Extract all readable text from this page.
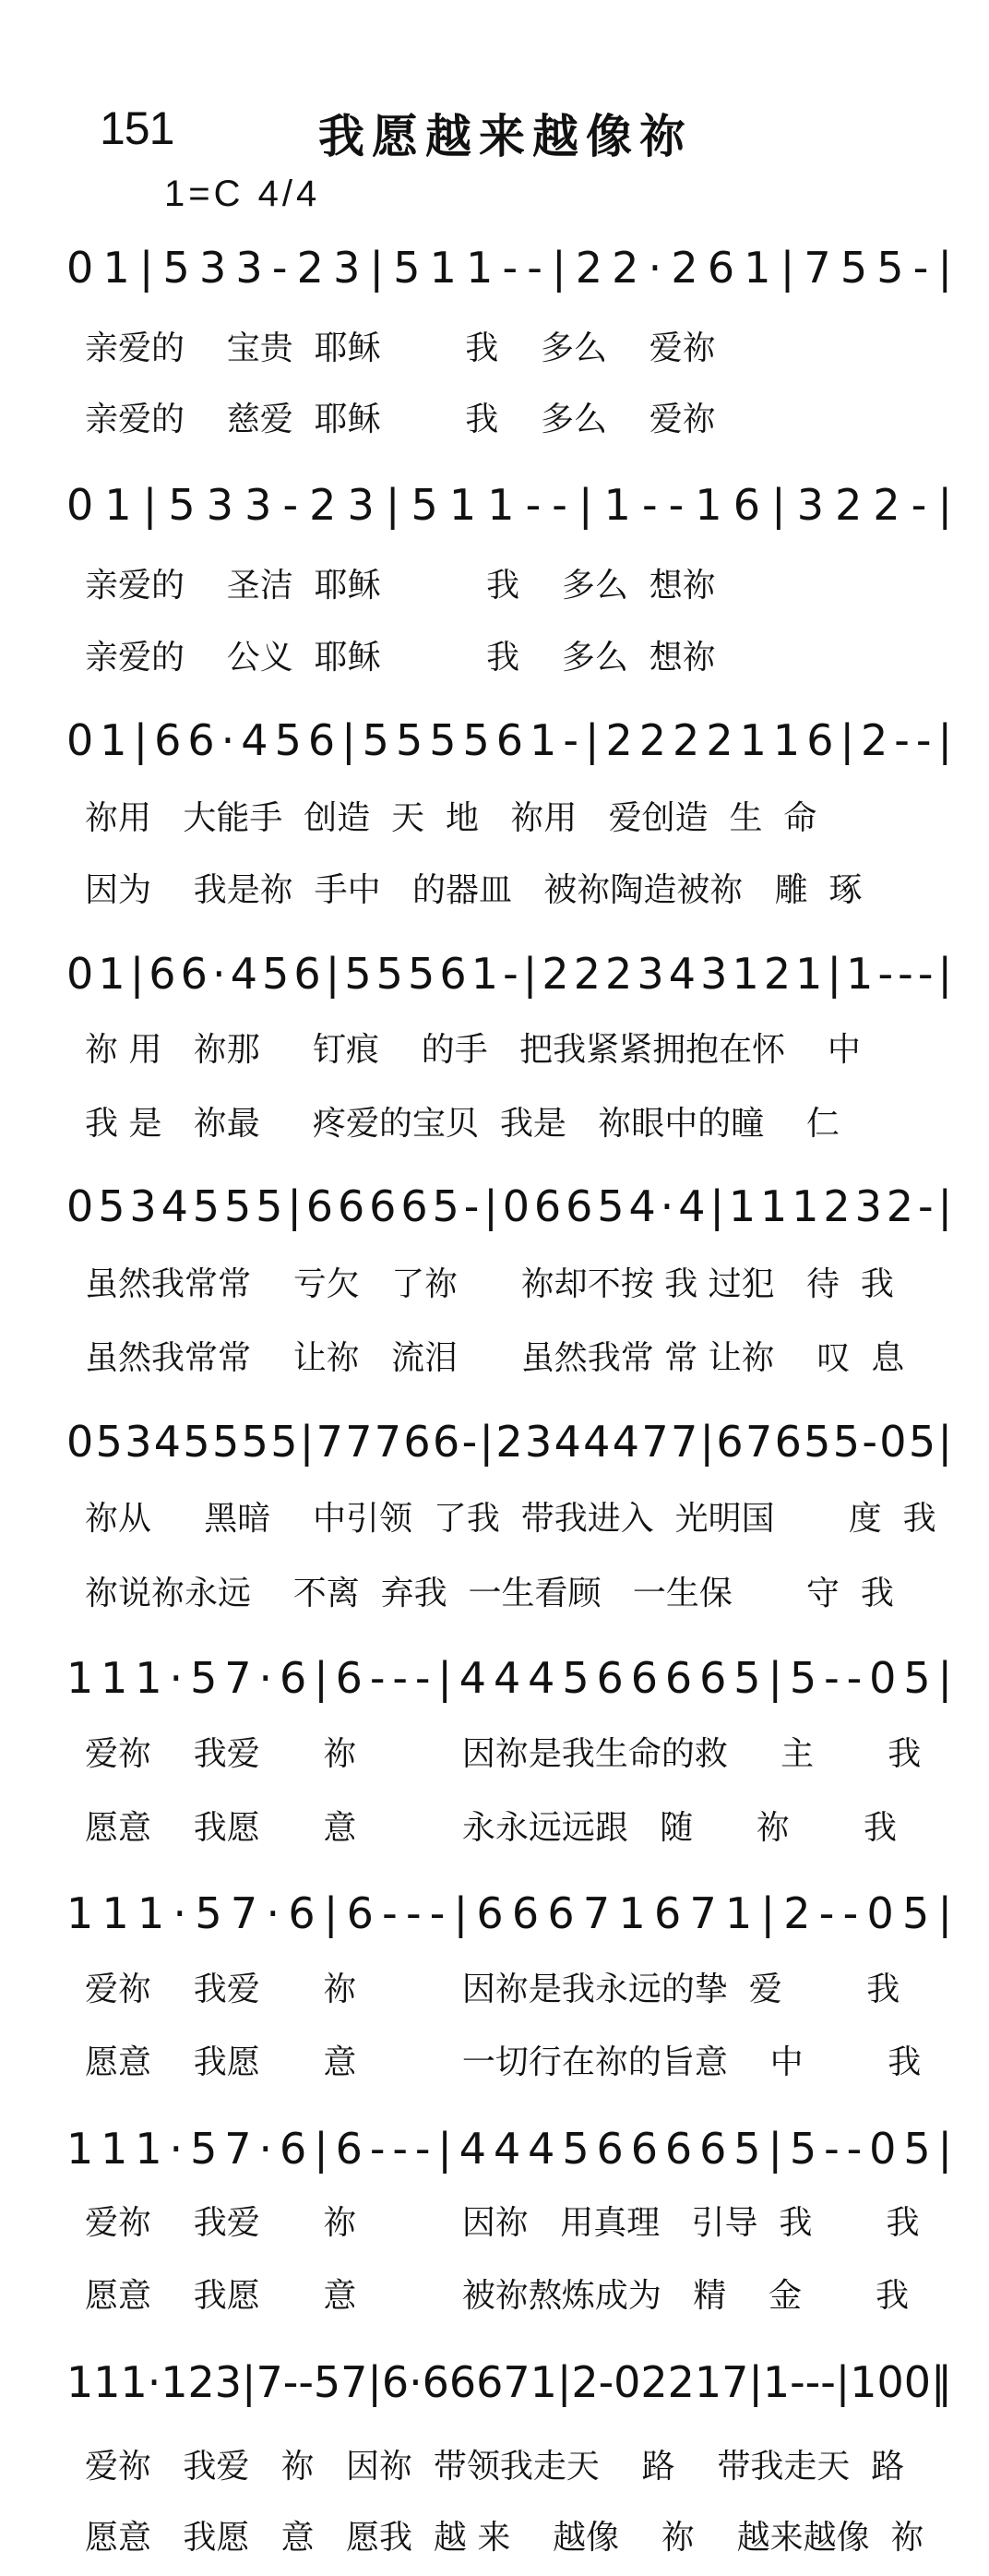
151	我愿越来越像祢
1=C 4/4
01|533-23|511--|22·261|755-|
亲爱的    宝贵  耶稣        我    多么    爱祢
亲爱的    慈爱  耶稣        我    多么    爱祢
01|533-23|511--|1--16|322-|
亲爱的    圣洁  耶稣          我    多么  想祢
亲爱的    公义  耶稣          我    多么  想祢
01|66·456|555561-|2222116|2--|
祢用   大能手  创造  天  地   祢用   爱创造  生  命
因为    我是祢  手中   的器皿   被祢陶造被祢   雕  琢
01|66·456|55561-|222343121|1---|
祢 用   祢那     钉痕    的手   把我紧紧拥抱在怀    中
我 是   祢最     疼爱的宝贝  我是   祢眼中的瞳    仁
0534555|66665-|06654·4|111232-|
虽然我常常    亏欠   了祢      祢却不按 我 过犯   待  我
虽然我常常    让祢   流泪      虽然我常 常 让祢    叹  息
05345555|77766-|2344477|67655-05|
祢从     黑暗    中引领  了我  带我进入  光明国       度  我
祢说祢永远    不离  弃我  一生看顾   一生保       守  我
111·57·6|6---|444566665|5--05|
爱祢    我爱      祢          因祢是我生命的救     主       我
愿意    我愿      意          永永远远跟   随      祢       我
111·57·6|6---|66671671|2--05|
爱祢    我爱      祢          因祢是我永远的挚  爱        我
愿意    我愿      意          一切行在祢的旨意    中        我
111·57·6|6---|444566665|5--05|
爱祢    我爱      祢          因祢   用真理   引导  我       我
愿意    我愿      意          被祢熬炼成为   精    金       我
111·123|7--57|6·66671|2-02217|1---|100‖
爱祢   我爱   祢   因祢  带领我走天    路    带我走天  路
愿意   我愿   意   愿我  越 来    越像    祢    越来越像  祢
